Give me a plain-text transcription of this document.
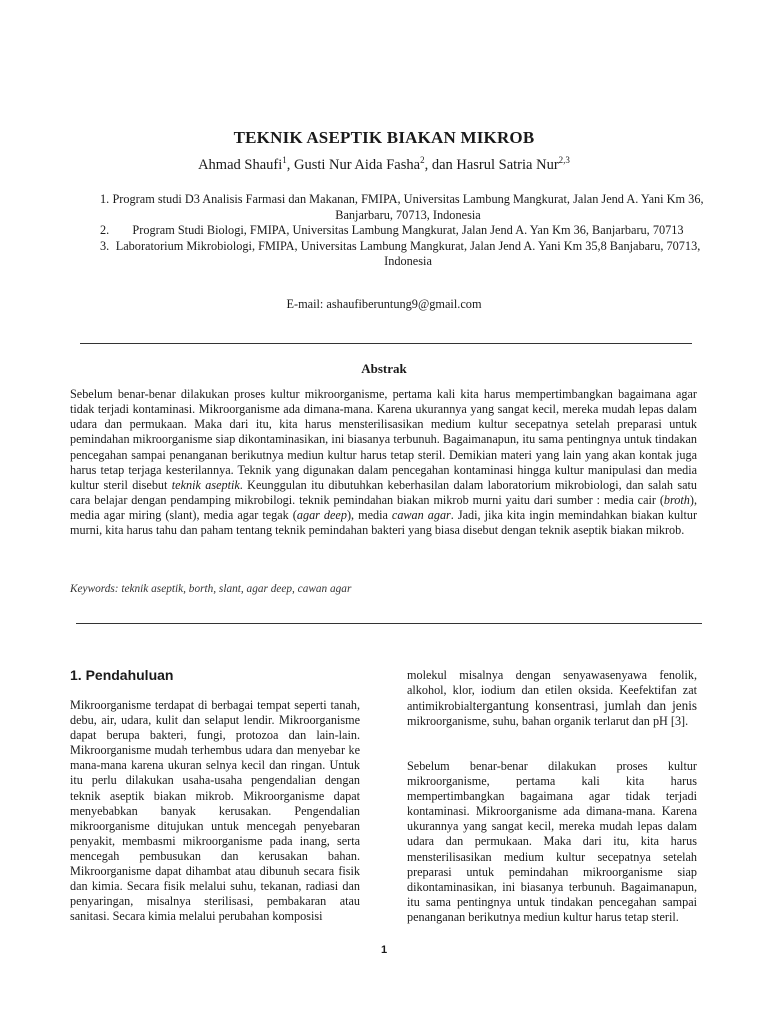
TEKNIK ASEPTIK BIAKAN MIKROB
Ahmad Shaufi$^1$, Gusti Nur Aida Fasha$^2$, dan Hasrul Satria Nur$^{2,3}$
1. Program studi D3 Analisis Farmasi dan Makanan, FMIPA, Universitas Lambung Mangkurat, Jalan Jend A. Yani Km 36, Banjarbaru, 70713, Indonesia
2. Program Studi Biologi, FMIPA, Universitas Lambung Mangkurat, Jalan Jend A. Yan Km 36, Banjarbaru, 70713
3. Laboratorium Mikrobiologi, FMIPA, Universitas Lambung Mangkurat, Jalan Jend A. Yani Km 35,8 Banjabaru, 70713, Indonesia
E-mail: ashaufiberuntung9@gmail.com
Abstrak

Sebelum benar-benar dilakukan proses kultur mikroorganisme, pertama kali kita harus mempertimbangkan bagaimana agar tidak terjadi kontaminasi. Mikroorganisme ada dimana-mana. Karena ukurannya yang sangat kecil, mereka mudah lepas dalam udara dan permukaan. Maka dari itu, kita harus mensterilisasikan medium kultur secepatnya setelah preparasi untuk pemindahan mikroorganisme siap dikontaminasikan, ini biasanya terbunuh. Bagaimanapun, itu sama pentingnya untuk tindakan pencegahan sampai penanganan berikutnya mediun kultur harus tetap steril. Demikian materi yang lain yang akan kontak juga harus tetap terjaga kesterilannya. Teknik yang digunakan dalam pencegahan kontaminasi hingga kultur manipulasi dan media kultur steril disebut teknik aseptik. Keunggulan itu dibutuhkan keberhasilan dalam laboratorium mikrobiologi, dan salah satu cara belajar dengan pendamping mikrobilogi. teknik pemindahan biakan mikrob murni yaitu dari sumber : media cair (broth), media agar miring (slant), media agar tegak (agar deep), media cawan agar. Jadi, jika kita ingin memindahkan biakan kultur murni, kita harus tahu dan paham tentang teknik pemindahan bakteri yang biasa disebut dengan teknik aseptik biakan mikrob.

Keywords: teknik aseptik, borth, slant, agar deep, cawan agar

1. Pendahuluan

Mikroorganisme terdapat di berbagai tempat seperti tanah, debu, air, udara, kulit dan selaput lendir. Mikroorganisme dapat berupa bakteri, fungi, protozoa dan lain-lain. Mikroorganisme mudah terhembus udara dan menyebar ke mana-mana karena ukuran selnya kecil dan ringan. Untuk itu perlu dilakukan usaha-usaha pengendalian dengan teknik aseptik biakan mikrob. Mikroorganisme dapat menyebabkan banyak kerusakan. Pengendalian mikroorganisme ditujukan untuk mencegah penyebaran penyakit, membasmi mikroorganisme pada inang, serta mencegah pembusukan dan kerusakan bahan. Mikroorganisme dapat dihambat atau dibunuh secara fisik dan kimia. Secara fisik melalui suhu, tekanan, radiasi dan penyaringan, misalnya sterilisasi, pembakaran atau sanitasi. Secara kimia melalui perubahan komposisi

molekul misalnya dengan senyawasenyawa fenolik, alkohol, klor, iodium dan etilen oksida. Keefektifan zat antimikrobialtergantung konsentrasi, jumlah dan jenis mikroorganisme, suhu, bahan organik terlarut dan pH [3].

Sebelum benar-benar dilakukan proses kultur mikroorganisme, pertama kali kita harus mempertimbangkan bagaimana agar tidak terjadi kontaminasi. Mikroorganisme ada dimana-mana. Karena ukurannya yang sangat kecil, mereka mudah lepas dalam udara dan permukaan. Maka dari itu, kita harus mensterilisasikan medium kultur secepatnya setelah preparasi untuk pemindahan mikroorganisme siap dikontaminasikan, ini biasanya terbunuh. Bagaimanapun, itu sama pentingnya untuk tindakan pencegahan sampai penanganan berikutnya mediun kultur harus tetap steril.

1
